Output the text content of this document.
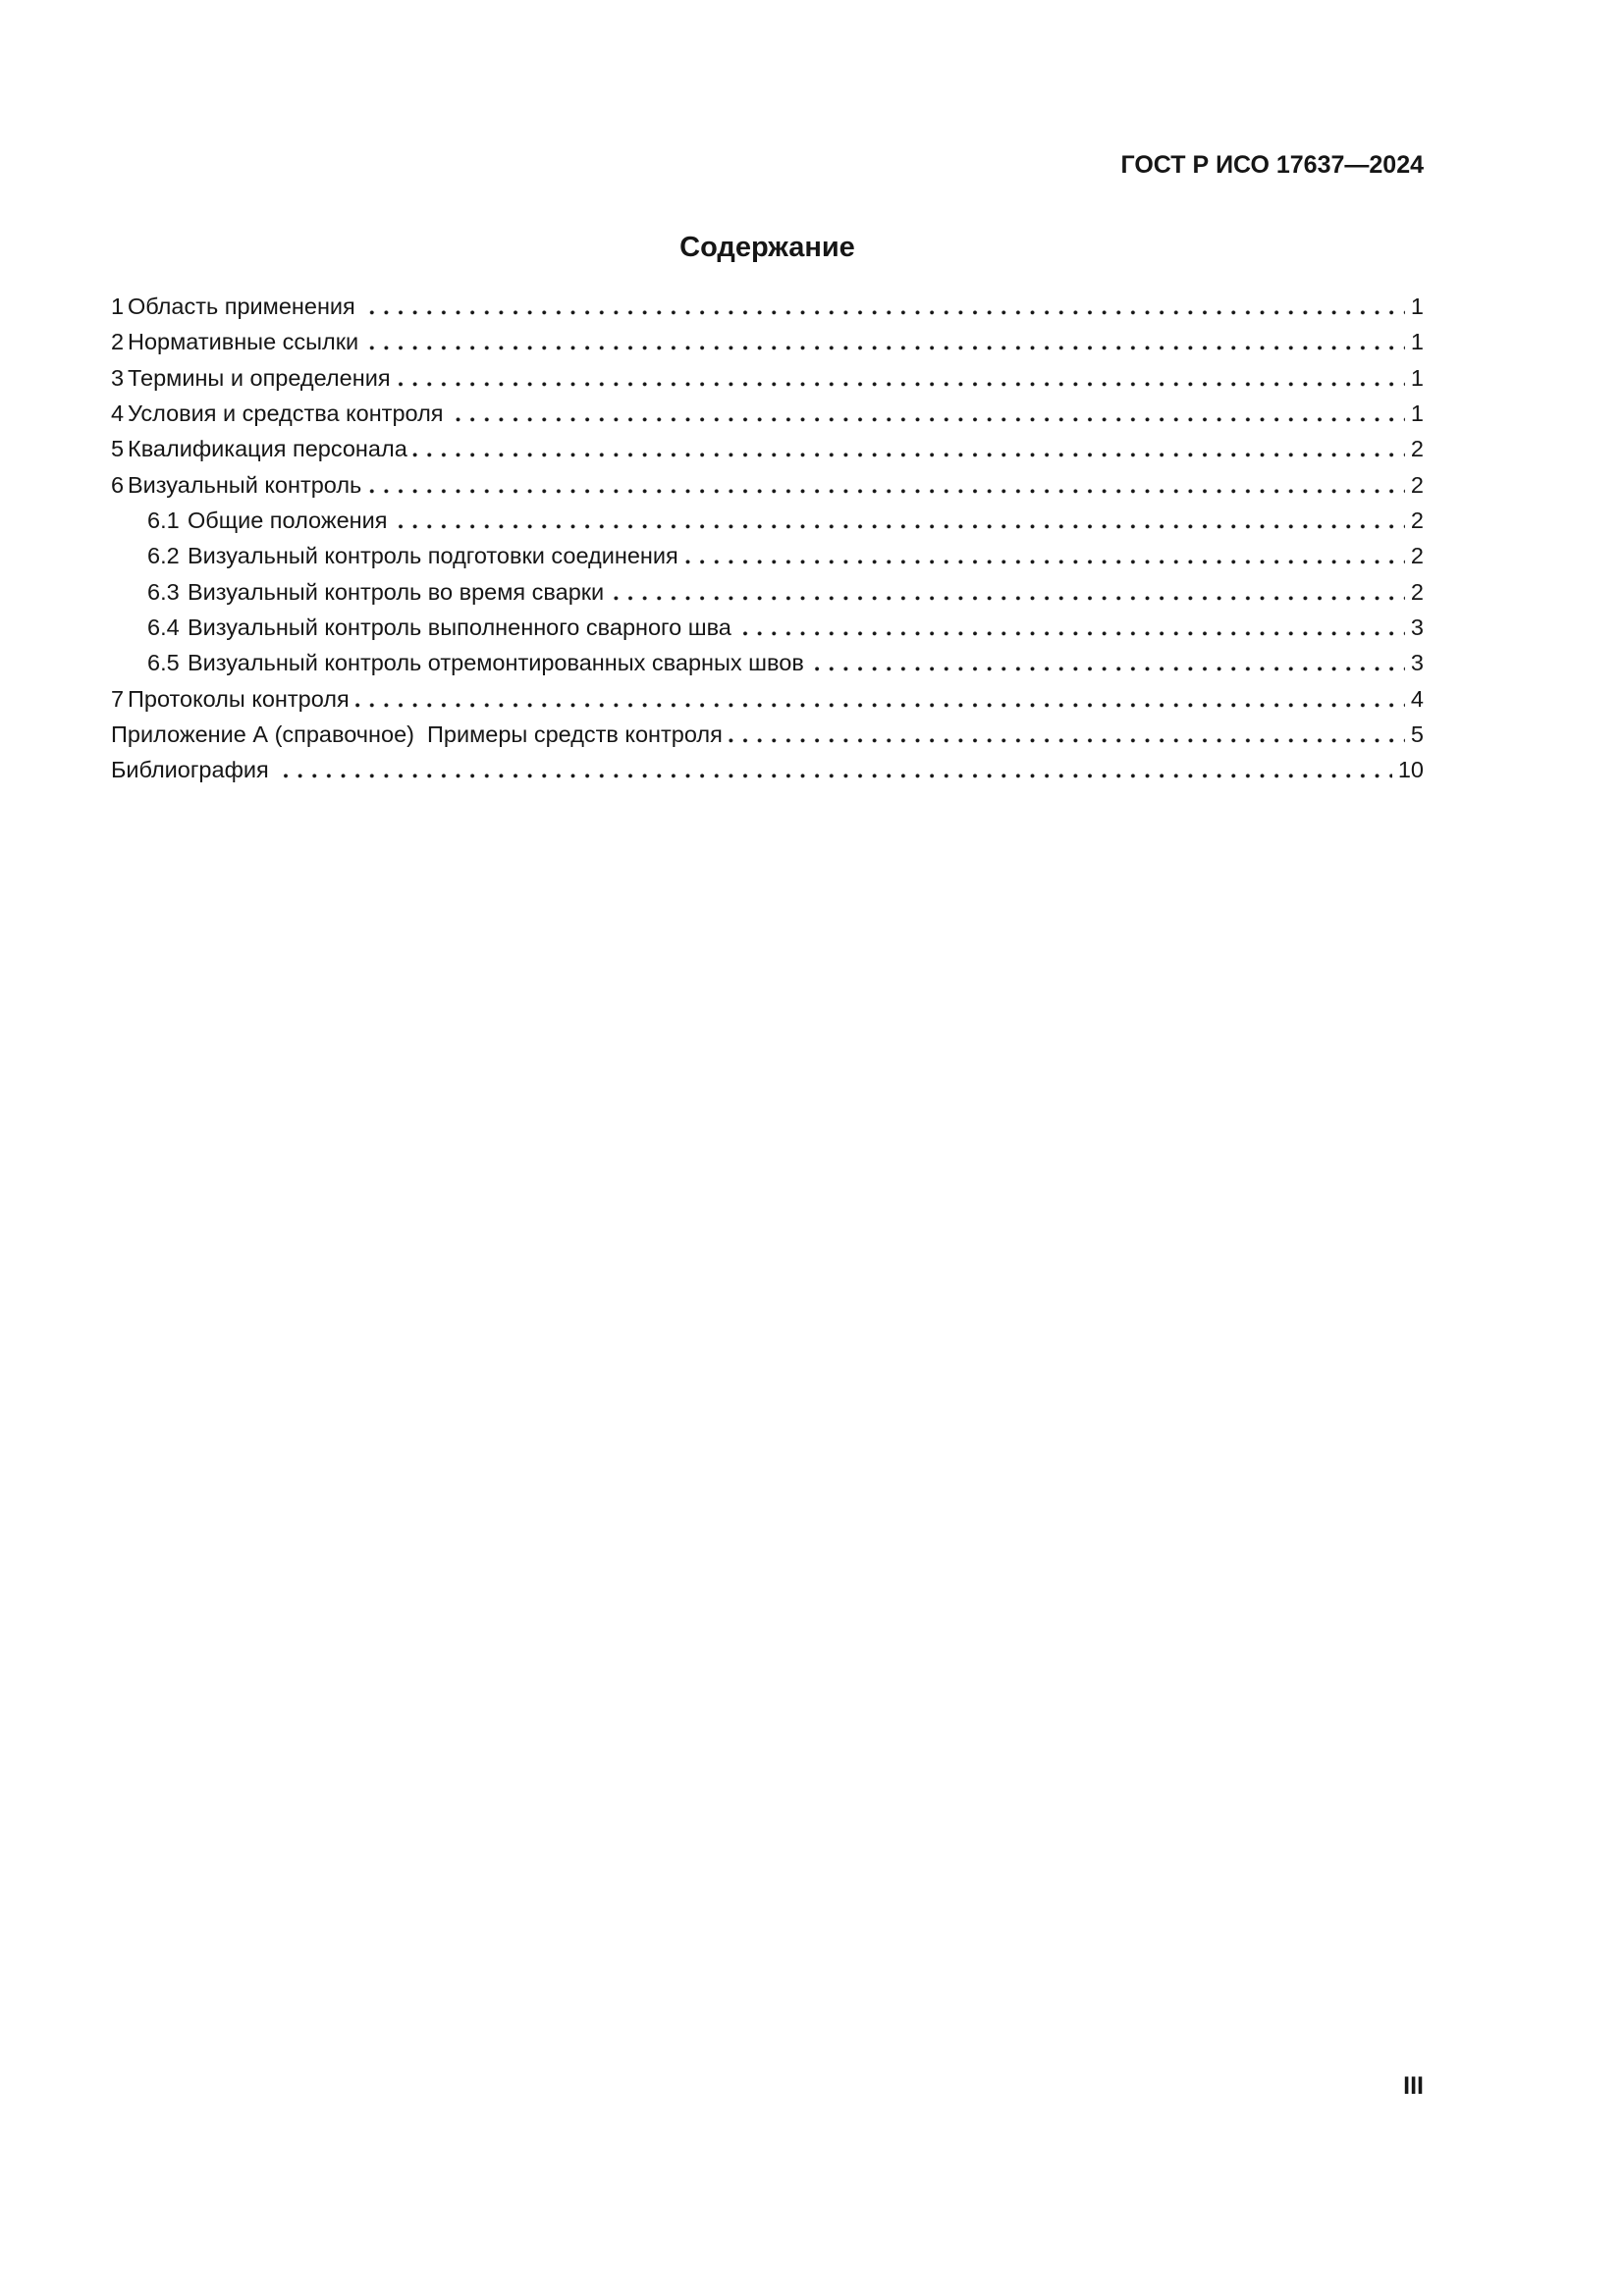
ГОСТ Р ИСО 17637—2024
Содержание
1 Область применения	1
2 Нормативные ссылки	1
3 Термины и определения	1
4 Условия и средства контроля	1
5 Квалификация персонала	2
6 Визуальный контроль	2
6.1 Общие положения	2
6.2 Визуальный контроль подготовки соединения	2
6.3 Визуальный контроль во время сварки	2
6.4 Визуальный контроль выполненного сварного шва	3
6.5 Визуальный контроль отремонтированных сварных швов	3
7 Протоколы контроля	4
Приложение А (справочное)  Примеры средств контроля	5
Библиография	10
III
